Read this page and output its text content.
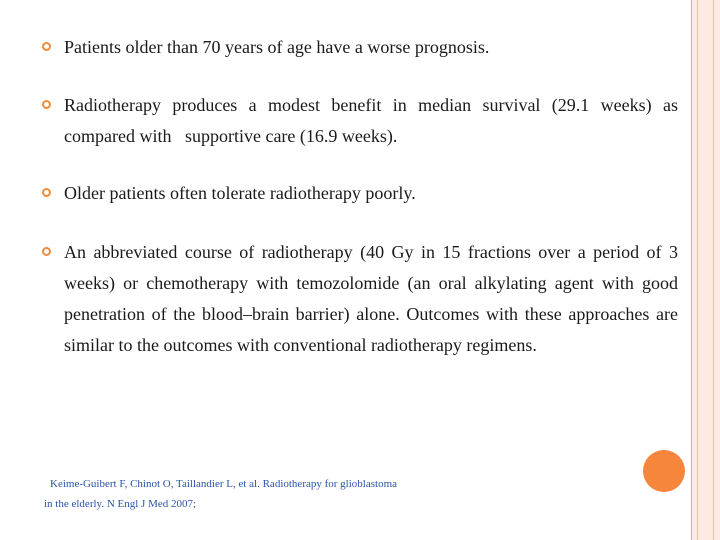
Patients older than 70 years of age have a worse prognosis.
Radiotherapy produces a modest benefit in median survival (29.1 weeks) as compared with   supportive care (16.9 weeks).
Older patients often tolerate radiotherapy poorly.
An abbreviated course of radiotherapy (40 Gy in 15 fractions over a period of 3 weeks) or chemotherapy with temozolomide (an oral alkylating agent with good penetration of the blood–brain barrier) alone. Outcomes with these approaches are similar to the outcomes with conventional radiotherapy regimens.

Keime-Guibert F, Chinot O, Taillandier L, et al. Radiotherapy for glioblastoma
in the elderly. N Engl J Med 2007;
